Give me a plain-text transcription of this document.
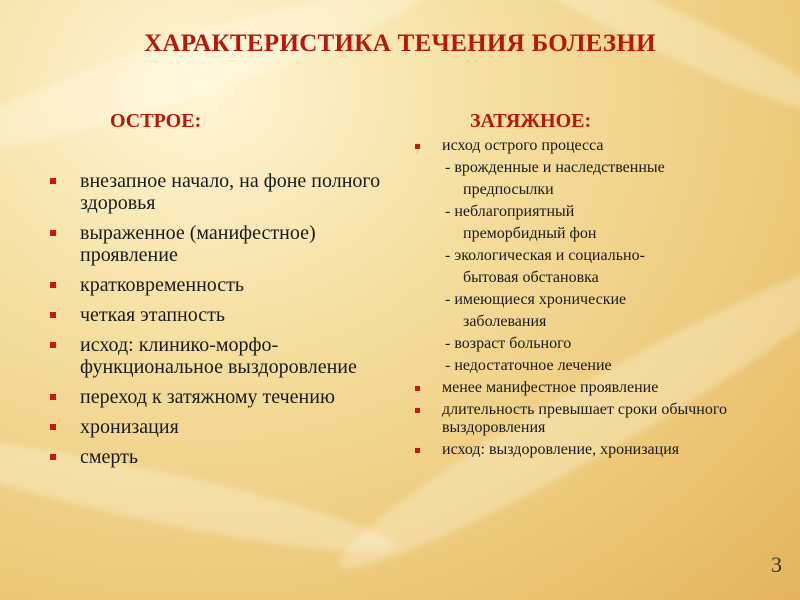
ХАРАКТЕРИСТИКА ТЕЧЕНИЯ БОЛЕЗНИ
ОСТРОЕ:	ЗАТЯЖНОЕ:
внезапное начало, на фоне полного здоровья
выраженное (манифестное) проявление
кратковременность
четкая этапность
исход: клинико-морфо-функциональное выздоровление
переход к затяжному течению
хронизация
смерть
исход острого процесса
- врожденные и наследственные
предпосылки
- неблагоприятный
преморбидный фон
- экологическая и социально-
бытовая обстановка
- имеющиеся хронические
заболевания
- возраст больного
- недостаточное лечение
менее манифестное проявление
длительность превышает сроки обычного выздоровления
исход: выздоровление, хронизация
3
